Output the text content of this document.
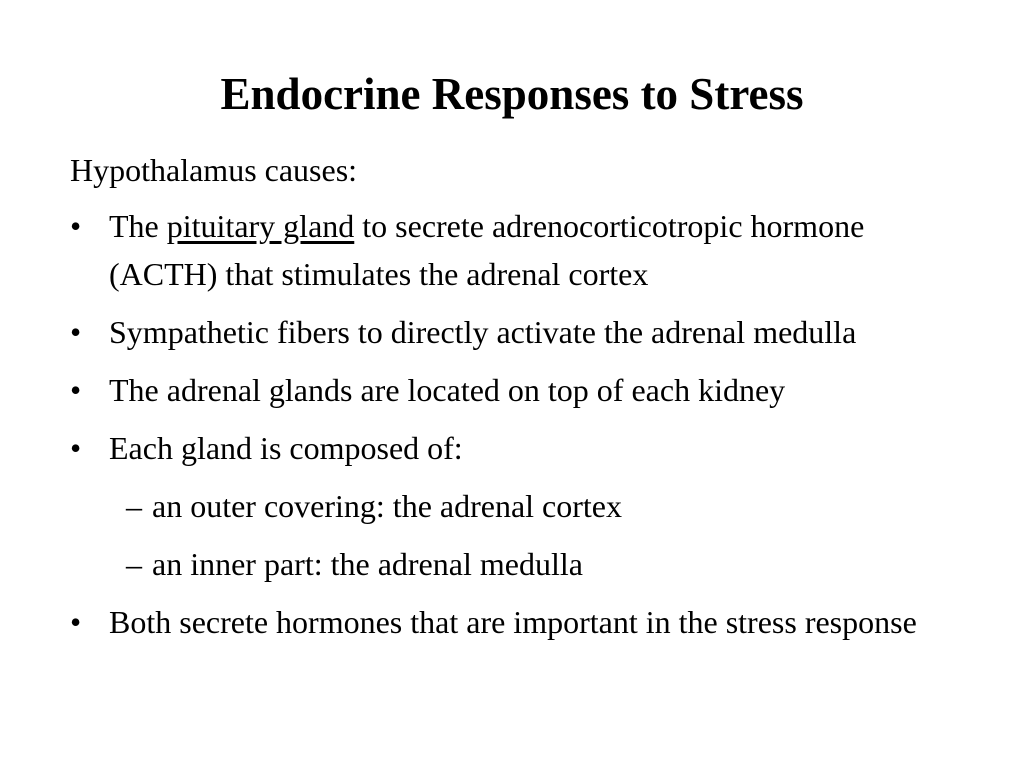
Endocrine Responses to Stress

Hypothalamus causes:

• The pituitary gland to secrete adrenocorticotropic hormone (ACTH) that stimulates the adrenal cortex

• Sympathetic fibers to directly activate the adrenal medulla

• The adrenal glands are located on top of each kidney

• Each gland is composed of:

– an outer covering: the adrenal cortex

– an inner part: the adrenal medulla

• Both secrete hormones that are important in the stress response
